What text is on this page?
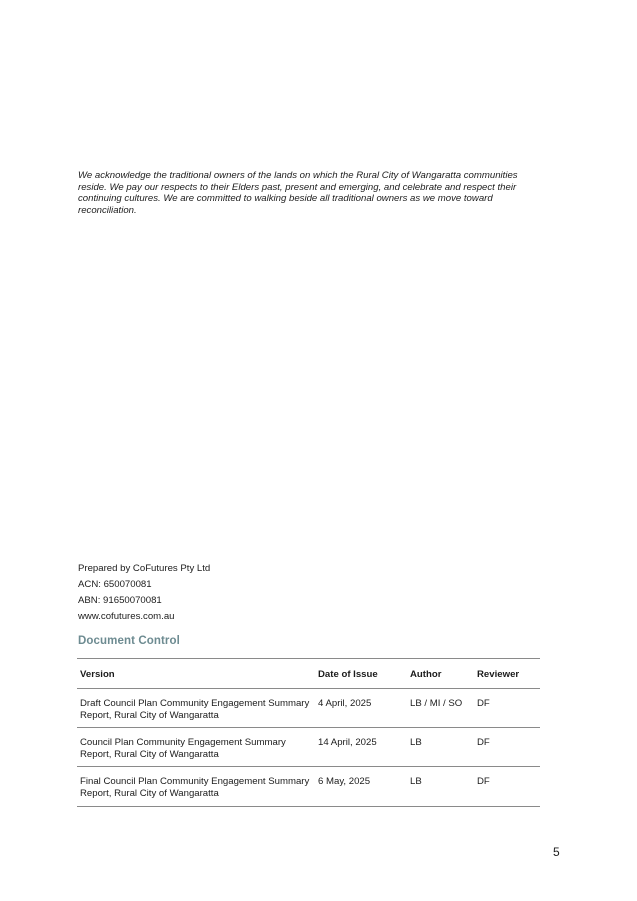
We acknowledge the traditional owners of the lands on which the Rural City of Wangaratta communities reside. We pay our respects to their Elders past, present and emerging, and celebrate and respect their continuing cultures. We are committed to walking beside all traditional owners as we move toward reconciliation.

Prepared by CoFutures Pty Ltd
ACN: 650070081
ABN: 91650070081
www.cofutures.com.au
Document Control
Version	Date of Issue	Author	Reviewer
Draft Council Plan Community Engagement Summary Report, Rural City of Wangaratta	4 April, 2025	LB / MI / SO	DF
Council Plan Community Engagement Summary Report, Rural City of Wangaratta	14 April, 2025	LB	DF
Final Council Plan Community Engagement Summary Report, Rural City of Wangaratta	6 May, 2025	LB	DF
5
